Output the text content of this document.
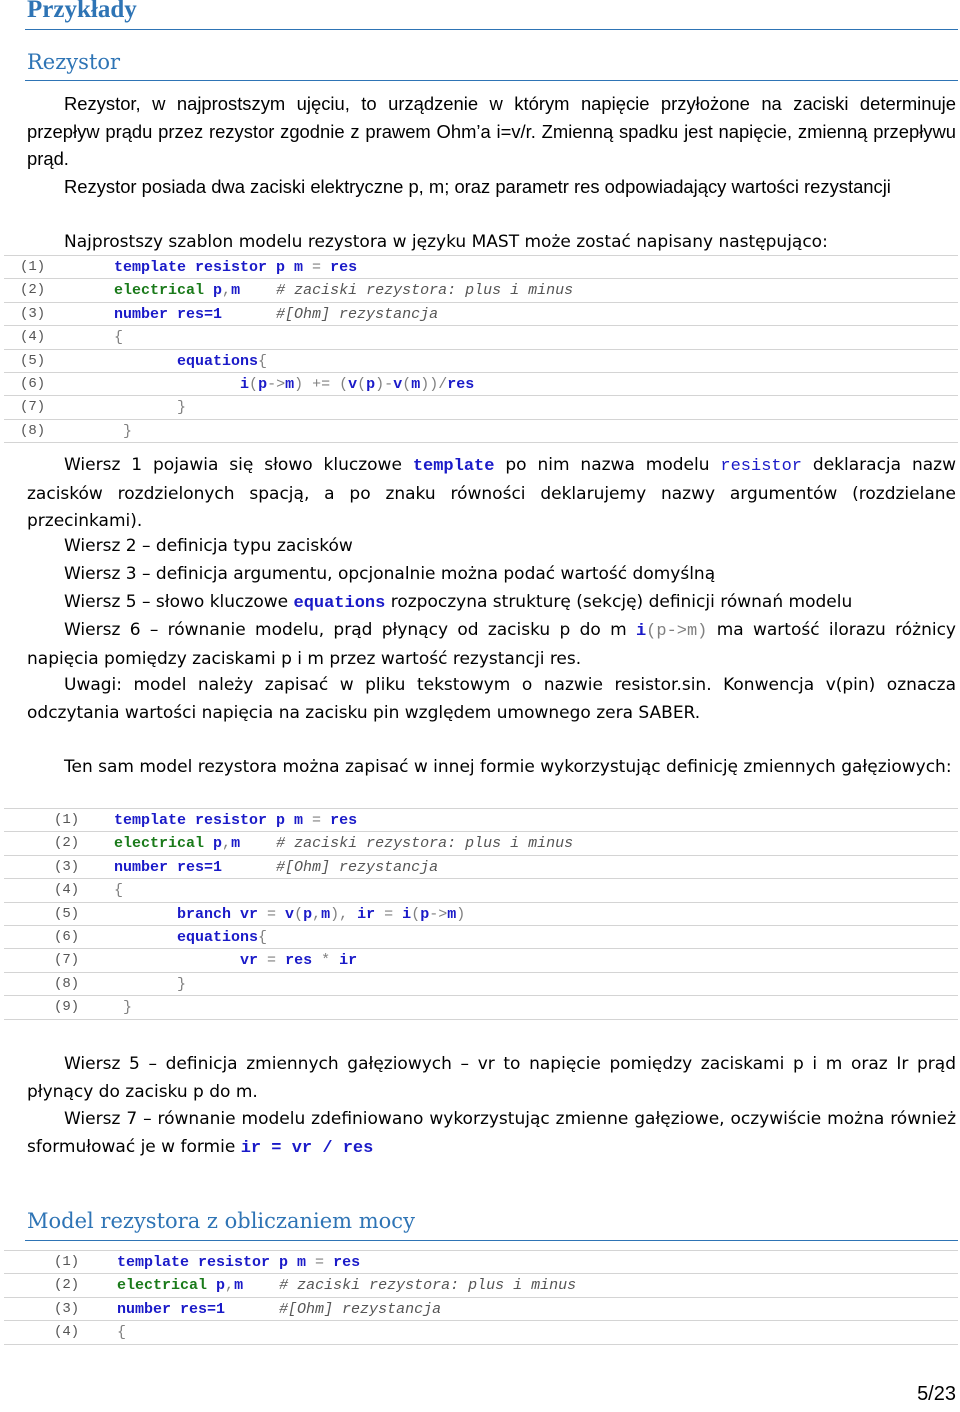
Przykłady
Rezystor
Rezystor, w najprostszym ujęciu, to urządzenie w którym napięcie przyłożone na zaciski determinuje przepływ prądu przez rezystor zgodnie z prawem Ohm’a i=v/r. Zmienną spadku jest napięcie, zmienną przepływu prąd.
Rezystor posiada dwa zaciski elektryczne p, m; oraz parametr res odpowiadający wartości rezystancji
Najprostszy szablon modelu rezystora w języku MAST może zostać napisany następująco:
(1)	template resistor p m = res
(2)	electrical p,m # zaciski rezystora: plus i minus
(3)	number res=1	#[Ohm] rezystancja
(4)	{
(5)	equations{
(6)	i(p->m) += (v(p)-v(m))/res
(7)	}
(8)	}
Wiersz 1 pojawia się słowo kluczowe template po nim nazwa modelu resistor deklaracja nazw zacisków rozdzielonych spacją, a po znaku równości deklarujemy nazwy argumentów (rozdzielane przecinkami).
Wiersz 2 – definicja typu zacisków
Wiersz 3 – definicja argumentu, opcjonalnie można podać wartość domyślną
Wiersz 5 – słowo kluczowe equations rozpoczyna strukturę (sekcję) definicji równań modelu
Wiersz 6 – równanie modelu, prąd płynący od zacisku p do m i(p->m) ma wartość ilorazu różnicy napięcia pomiędzy zaciskami p i m przez wartość rezystancji res.
Uwagi: model należy zapisać w pliku tekstowym o nazwie resistor.sin. Konwencja v(pin) oznacza odczytania wartości napięcia na zacisku pin względem umownego zera SABER.
Ten sam model rezystora można zapisać w innej formie wykorzystując definicję zmiennych gałęziowych:
(1) template resistor p m = res
(2) electrical p,m # zaciski rezystora: plus i minus
(3) number res=1	#[Ohm] rezystancja
(4) {
(5)	branch vr = v(p,m), ir = i(p->m)
(6)	equations{
(7)	vr = res * ir
(8)	}
(9)	}
Wiersz 5 – definicja zmiennych gałęziowych – vr to napięcie pomiędzy zaciskami p i m oraz Ir prąd płynący do zacisku p do m.
Wiersz 7 – równanie modelu zdefiniowano wykorzystując zmienne gałęziowe, oczywiście można również sformułować je w formie ir = vr / res
Model rezystora z obliczaniem mocy
(1)	template resistor p m = res
(2)	electrical p,m # zaciski rezystora: plus i minus
(3)	number res=1	#[Ohm] rezystancja
(4)	{
5/23
